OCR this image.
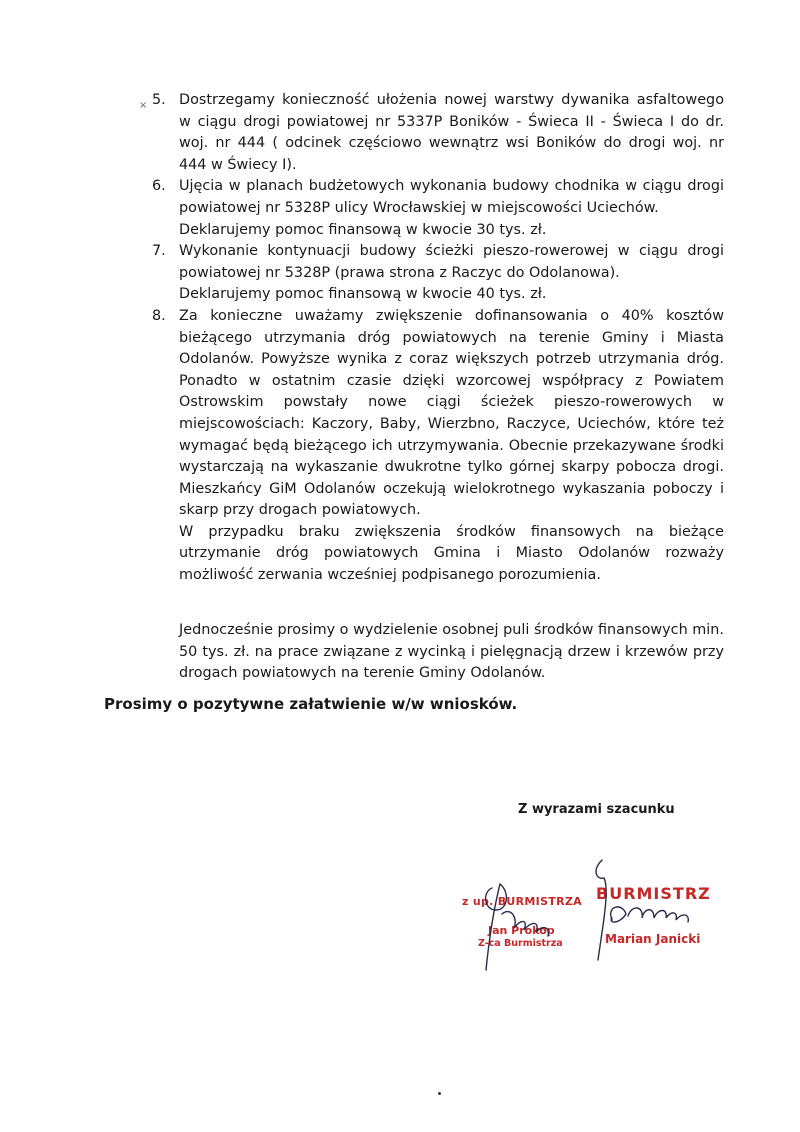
× 5. Dostrzegamy konieczność ułożenia nowej warstwy dywanika asfaltowego w ciągu drogi powiatowej nr 5337P Boników - Świeca II - Świeca I do dr. woj. nr 444 ( odcinek częściowo wewnątrz wsi Boników do drogi woj. nr 444 w Świecy I).
6. Ujęcia w planach budżetowych wykonania budowy chodnika w ciągu drogi powiatowej nr 5328P ulicy Wrocławskiej w miejscowości Uciechów.
Deklarujemy pomoc finansową w kwocie 30 tys. zł.
7. Wykonanie kontynuacji budowy ścieżki pieszo-rowerowej w ciągu drogi powiatowej nr 5328P (prawa strona z Raczyc do Odolanowa).
Deklarujemy pomoc finansową w kwocie 40 tys. zł.
8. Za konieczne uważamy zwiększenie dofinansowania o 40% kosztów bieżącego utrzymania dróg powiatowych na terenie Gminy i Miasta Odolanów. Powyższe wynika z coraz większych potrzeb utrzymania dróg. Ponadto w ostatnim czasie dzięki wzorcowej współpracy z Powiatem Ostrowskim powstały nowe ciągi ścieżek pieszo-rowerowych w miejscowościach: Kaczory, Baby, Wierzbno, Raczyce, Uciechów, które też wymagać będą bieżącego ich utrzymywania. Obecnie przekazywane środki wystarczają na wykaszanie dwukrotne tylko górnej skarpy pobocza drogi. Mieszkańcy GiM Odolanów oczekują wielokrotnego wykaszania poboczy i skarp przy drogach powiatowych.
W przypadku braku zwiększenia środków finansowych na bieżące utrzymanie dróg powiatowych Gmina i Miasto Odolanów rozważy możliwość zerwania wcześniej podpisanego porozumienia.
Jednocześnie prosimy o wydzielenie osobnej puli środków finansowych min. 50 tys. zł. na prace związane z wycinką i pielęgnacją drzew i krzewów przy drogach powiatowych na terenie Gminy Odolanów.
Prosimy o pozytywne załatwienie w/w wniosków.
Z wyrazami szacunku
z up. BURMISTRZA
Jan Prokop
Z-ca Burmistrza
BURMISTRZ
Marian Janicki
